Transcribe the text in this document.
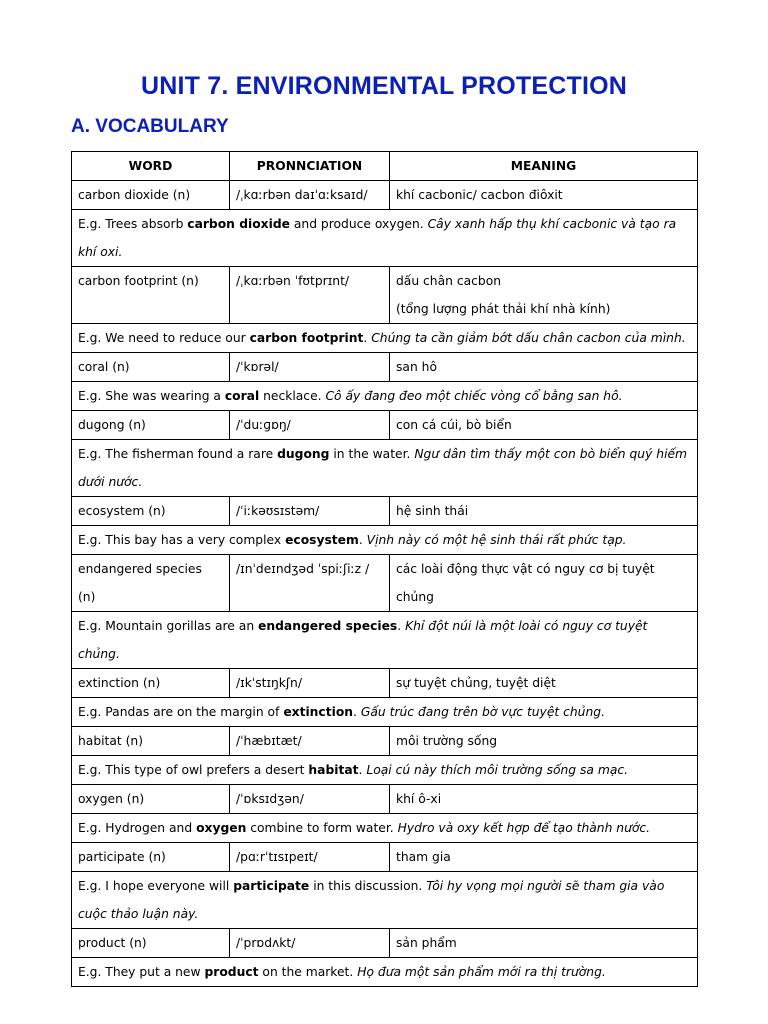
UNIT 7. ENVIRONMENTAL PROTECTION
A. VOCABULARY
WORD	PRONNCIATION	MEANING
carbon dioxide (n)	/ˌkɑːrbən daɪˈɑːksaɪd/	khí cacbonic/ cacbon điôxit

E.g. Trees absorb carbon dioxide and produce oxygen. Cây xanh hấp thụ khí cacbonic và tạo ra khí oxi.		
carbon footprint (n)	/ˌkɑːrbən ˈfʊtprɪnt/	dấu chân cacbon
(tổng lượng phát thải khí nhà kính)

E.g. We need to reduce our carbon footprint. Chúng ta cần giảm bớt dấu chân cacbon của mình.		
coral (n)	/ˈkɒrəl/	san hô

E.g. She was wearing a coral necklace. Cô ấy đang đeo một chiếc vòng cổ bằng san hô.		
dugong (n)	/ˈduːɡɒŋ/	con cá cúi, bò biển

E.g. The fisherman found a rare dugong in the water. Ngư dân tìm thấy một con bò biển quý hiếm dưới nước.		
ecosystem (n)	/ˈiːkəʊsɪstəm/	hệ sinh thái

E.g. This bay has a very complex ecosystem. Vịnh này có một hệ sinh thái rất phức tạp.		
endangered species (n)	/ɪnˈdeɪndʒəd ˈspiːʃiːz /	các loài động thực vật có nguy cơ bị tuyệt chủng

E.g. Mountain gorillas are an endangered species. Khỉ đột núi là một loài có nguy cơ tuyệt chủng.		
extinction (n)	/ɪkˈstɪŋkʃn/	sự tuyệt chủng, tuyệt diệt

E.g. Pandas are on the margin of extinction. Gấu trúc đang trên bờ vực tuyệt chủng.		
habitat (n)	/ˈhæbɪtæt/	môi trường sống

E.g. This type of owl prefers a desert habitat. Loại cú này thích môi trường sống sa mạc.		
oxygen (n)	/ˈɒksɪdʒən/	khí ô-xi

E.g. Hydrogen and oxygen combine to form water. Hydro và oxy kết hợp để tạo thành nước.		
participate (n)	/pɑːrˈtɪsɪpeɪt/	tham gia

E.g. I hope everyone will participate in this discussion. Tôi hy vọng mọi người sẽ tham gia vào cuộc thảo luận này.		
product (n)	/ˈprɒdʌkt/	sản phẩm

E.g. They put a new product on the market. Họ đưa một sản phẩm mới ra thị trường.		
